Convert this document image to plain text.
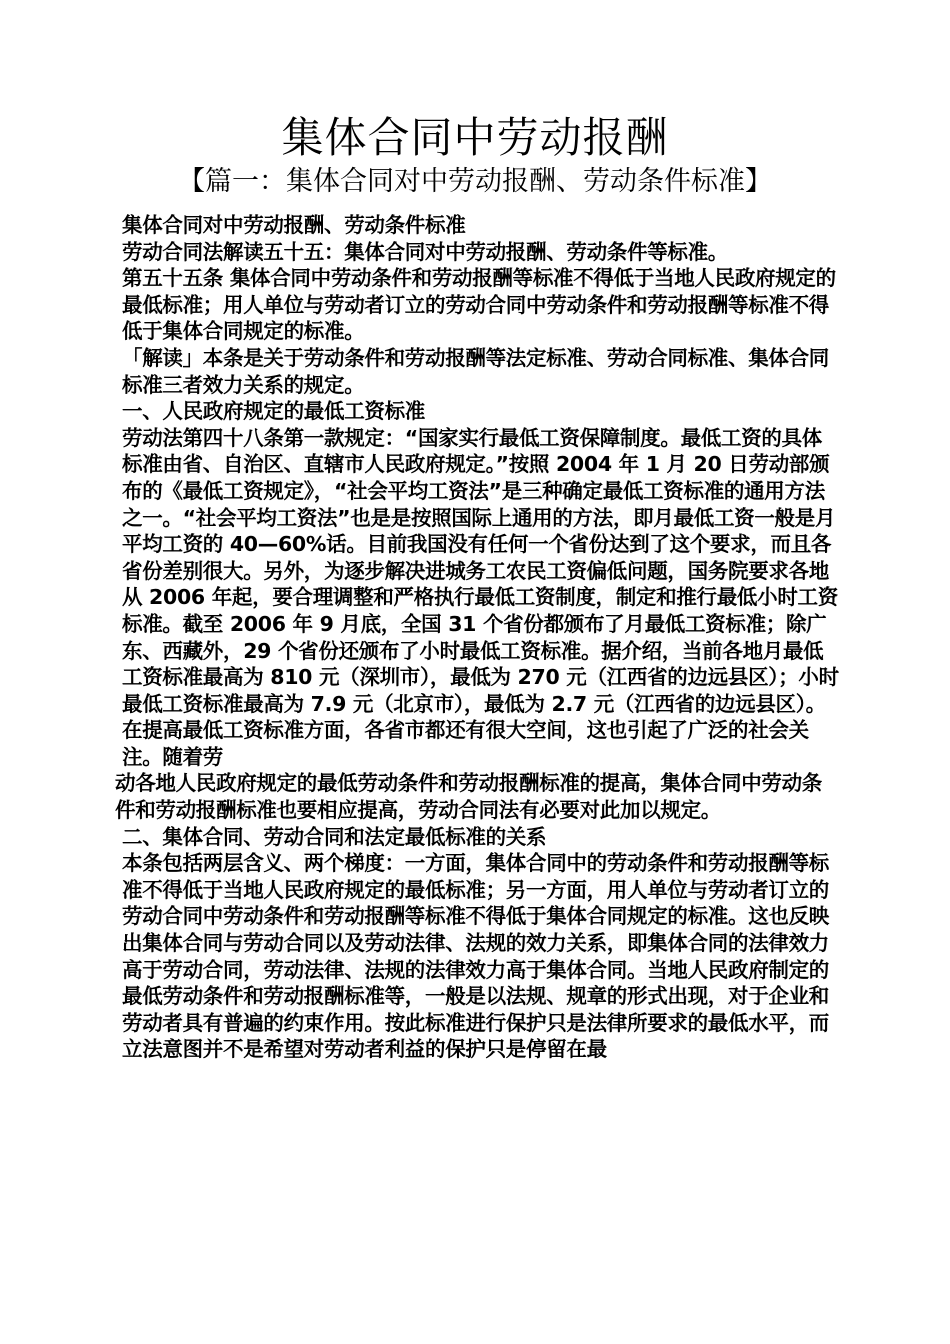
集体合同中劳动报酬
【篇一：集体合同对中劳动报酬、劳动条件标准】

集体合同对中劳动报酬、劳动条件标准

劳动合同法解读五十五：集体合同对中劳动报酬、劳动条件等标准。

第五十五条 集体合同中劳动条件和劳动报酬等标准不得低于当地人民政府规定的最低标准；用人单位与劳动者订立的劳动合同中劳动条件和劳动报酬等标准不得低于集体合同规定的标准。

「解读」本条是关于劳动条件和劳动报酬等法定标准、劳动合同标准、集体合同标准三者效力关系的规定。

一、人民政府规定的最低工资标准

劳动法第四十八条第一款规定：“国家实行最低工资保障制度。最低工资的具体标准由省、自治区、直辖市人民政府规定。”按照 2004 年 1 月 20 日劳动部颁布的《最低工资规定》，“社会平均工资法”是三种确定最低工资标准的通用方法之一。“社会平均工资法”也是是按照国际上通用的方法，即月最低工资一般是月平均工资的 40—60%话。目前我国没有任何一个省份达到了这个要求，而且各省份差别很大。另外，为逐步解决进城务工农民工资偏低问题，国务院要求各地从 2006 年起，要合理调整和严格执行最低工资制度，制定和推行最低小时工资标准。截至 2006 年 9 月底，全国 31 个省份都颁布了月最低工资标准；除广东、西藏外，29 个省份还颁布了小时最低工资标准。据介绍，当前各地月最低工资标准最高为 810 元（深圳市），最低为 270 元（江西省的边远县区）；小时最低工资标准最高为 7.9 元（北京市），最低为 2.7 元（江西省的边远县区）。在提高最低工资标准方面，各省市都还有很大空间，这也引起了广泛的社会关注。随着劳

动各地人民政府规定的最低劳动条件和劳动报酬标准的提高，集体合同中劳动条件和劳动报酬标准也要相应提高，劳动合同法有必要对此加以规定。

二、集体合同、劳动合同和法定最低标准的关系

本条包括两层含义、两个梯度：一方面，集体合同中的劳动条件和劳动报酬等标准不得低于当地人民政府规定的最低标准；另一方面，用人单位与劳动者订立的劳动合同中劳动条件和劳动报酬等标准不得低于集体合同规定的标准。这也反映出集体合同与劳动合同以及劳动法律、法规的效力关系，即集体合同的法律效力高于劳动合同，劳动法律、法规的法律效力高于集体合同。当地人民政府制定的最低劳动条件和劳动报酬标准等，一般是以法规、规章的形式出现，对于企业和劳动者具有普遍的约束作用。按此标准进行保护只是法律所要求的最低水平，而立法意图并不是希望对劳动者利益的保护只是停留在最
